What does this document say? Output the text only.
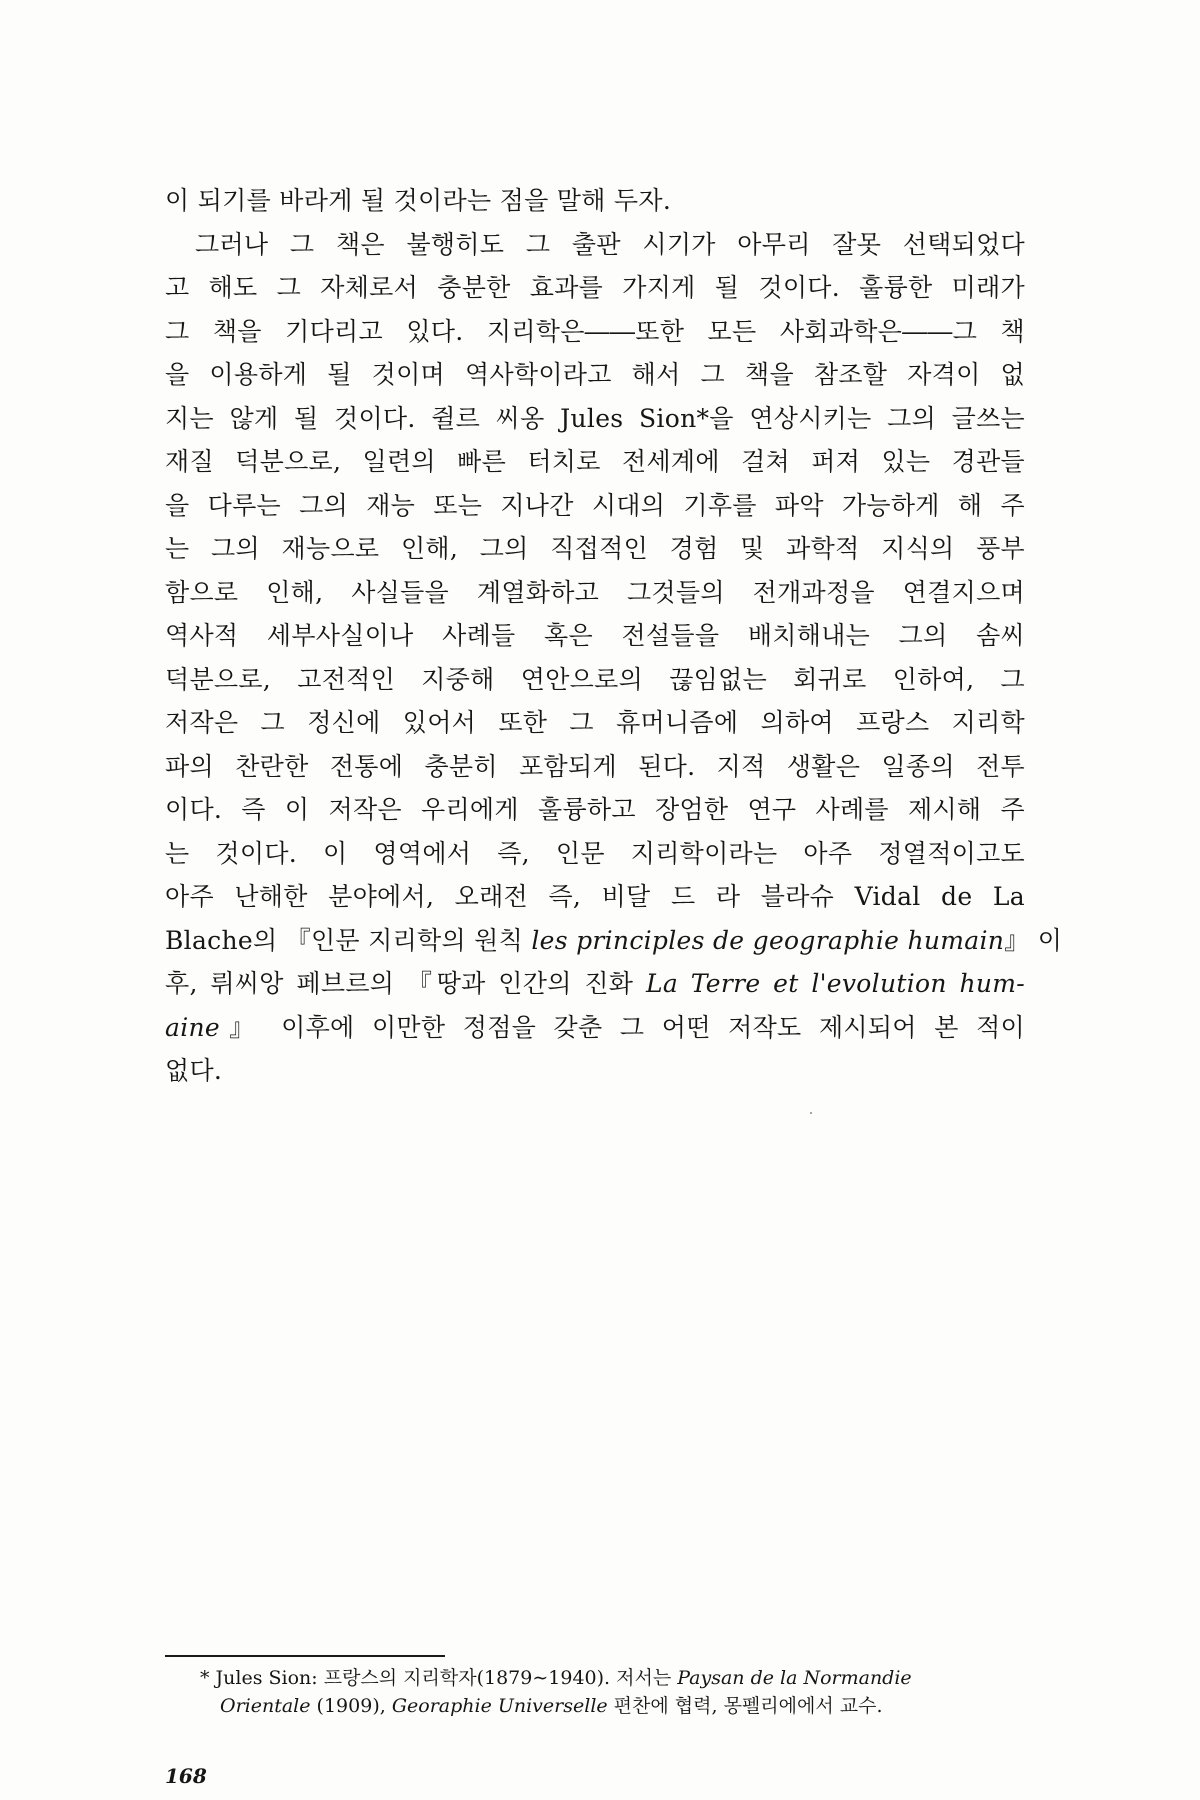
이 되기를 바라게 될 것이라는 점을 말해 두자.
그러나 그 책은 불행히도 그 출판 시기가 아무리 잘못 선택되었다
고 해도 그 자체로서 충분한 효과를 가지게 될 것이다. 훌륭한 미래가
그 책을 기다리고 있다. 지리학은――또한 모든 사회과학은――그 책
을 이용하게 될 것이며 역사학이라고 해서 그 책을 참조할 자격이 없
지는 않게 될 것이다. 쥘르 씨옹 Jules Sion*을 연상시키는 그의 글쓰는
재질 덕분으로, 일련의 빠른 터치로 전세계에 걸쳐 퍼져 있는 경관들
을 다루는 그의 재능 또는 지나간 시대의 기후를 파악 가능하게 해 주
는 그의 재능으로 인해, 그의 직접적인 경험 및 과학적 지식의 풍부
함으로 인해, 사실들을 계열화하고 그것들의 전개과정을 연결지으며
역사적 세부사실이나 사례들 혹은 전설들을 배치해내는 그의 솜씨
덕분으로, 고전적인 지중해 연안으로의 끊임없는 회귀로 인하여, 그
저작은 그 정신에 있어서 또한 그 휴머니즘에 의하여 프랑스 지리학
파의 찬란한 전통에 충분히 포함되게 된다. 지적 생활은 일종의 전투
이다. 즉 이 저작은 우리에게 훌륭하고 장엄한 연구 사례를 제시해 주
는 것이다. 이 영역에서 즉, 인문 지리학이라는 아주 정열적이고도
아주 난해한 분야에서, 오래전 즉, 비달 드 라 블라슈 Vidal de La
Blache의 『인문 지리학의 원칙 les principles de geographie humain』 이
후, 뤼씨앙 페브르의 『땅과 인간의 진화 La Terre et l'evolution hum-
aine』 이후에 이만한 정점을 갖춘 그 어떤 저작도 제시되어 본 적이
없다.
* Jules Sion: 프랑스의 지리학자(1879∼1940). 저서는 Paysan de la Normandie
Orientale (1909), Georaphie Universelle 편찬에 협력, 몽펠리에에서 교수.
168
